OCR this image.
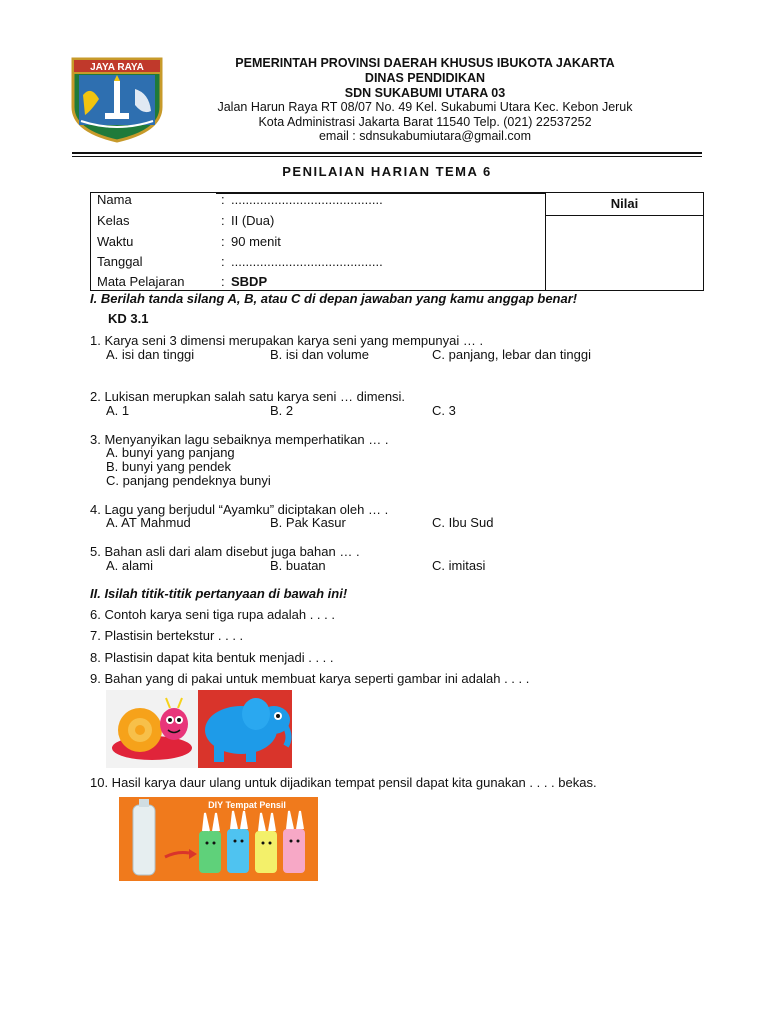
JAYA RAYA	PEMERINTAH PROVINSI DAERAH KHUSUS IBUKOTA JAKARTA
DINAS PENDIDIKAN
SDN SUKABUMI UTARA 03
Jalan Harun Raya RT 08/07 No. 49 Kel. Sukabumi Utara Kec. Kebon Jeruk
Kota Administrasi Jakarta Barat 11540 Telp. (021) 22537252
email : sdnsukabumiutara@gmail.com
PENILAIAN HARIAN TEMA 6
Nilai
Nama	: ..........................................
Kelas	: II (Dua)
Waktu	: 90 menit
Tanggal	: ..........................................
Mata Pelajaran	: SBDP
I. Berilah tanda silang A, B, atau C di depan jawaban yang kamu anggap benar!
KD 3.1
1. Karya seni 3 dimensi merupakan karya seni yang mempunyai … .
A. isi dan tinggi	B. isi dan volume	C. panjang, lebar dan tinggi
2. Lukisan merupkan salah satu karya seni … dimensi.
A. 1	B. 2	C. 3
3. Menyanyikan lagu sebaiknya memperhatikan … .
A. bunyi yang panjang
B. bunyi yang pendek
C. panjang pendeknya bunyi
4. Lagu yang berjudul “Ayamku” diciptakan oleh … .
A. AT Mahmud	B. Pak Kasur	C. Ibu Sud
5. Bahan asli dari alam disebut juga bahan … .
A. alami	B. buatan	C. imitasi
II. Isilah titik-titik pertanyaan di bawah ini!
6. Contoh karya seni tiga rupa adalah . . . .
7. Plastisin bertekstur . . . .
8. Plastisin dapat kita bentuk menjadi . . . .
9. Bahan yang di pakai untuk membuat karya seperti gambar ini adalah . . . .
10. Hasil karya daur ulang untuk dijadikan tempat pensil dapat kita gunakan . . . . bekas.
DIY Tempat Pensil
